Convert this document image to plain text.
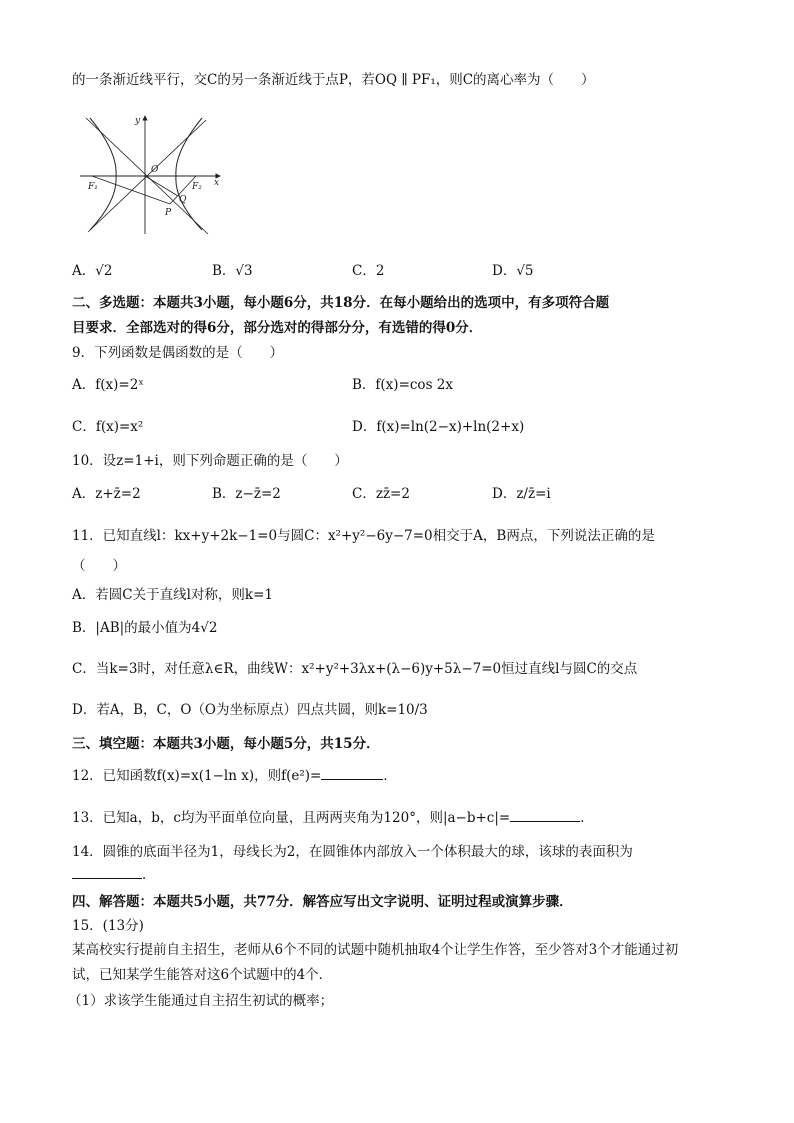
的一条渐近线平行，交C的另一条渐近线于点P，若OQ ∥ PF₁，则C的离心率为（　　）
y
x
O
F₁	F₂
Q
P
A．√2	B．√3	C．2	D．√5
二、多选题：本题共3小题，每小题6分，共18分．在每小题给出的选项中，有多项符合题
目要求．全部选对的得6分，部分选对的得部分分，有选错的得0分．
9．下列函数是偶函数的是（　　）
A．f(x)=2ˣ	B．f(x)=cos 2x
C．f(x)=x²	D．f(x)=ln(2−x)+ln(2+x)
10．设z=1+i，则下列命题正确的是（　　）
A．z+z̄=2	B．z−z̄=2	C．zz̄=2	D．z/z̄=i
11．已知直线l：kx+y+2k−1=0与圆C：x²+y²−6y−7=0相交于A，B两点，下列说法正确的是
（　　）
A．若圆C关于直线l对称，则k=1
B．|AB|的最小值为4√2
C．当k=3时，对任意λ∈R，曲线W：x²+y²+3λx+(λ−6)y+5λ−7=0恒过直线l与圆C的交点
D．若A，B，C，O（O为坐标原点）四点共圆，则k=10/3
三、填空题：本题共3小题，每小题5分，共15分．
12．已知函数f(x)=x(1−ln x)，则f(e²)=	．
13．已知a，b，c均为平面单位向量，且两两夹角为120°，则|a−b+c|=	．
14．圆锥的底面半径为1，母线长为2，在圆锥体内部放入一个体积最大的球，该球的表面积为
．
四、解答题：本题共5小题，共77分．解答应写出文字说明、证明过程或演算步骤．
15．(13分)
某高校实行提前自主招生，老师从6个不同的试题中随机抽取4个让学生作答，至少答对3个才能通过初
试，已知某学生能答对这6个试题中的4个．
（1）求该学生能通过自主招生初试的概率；
